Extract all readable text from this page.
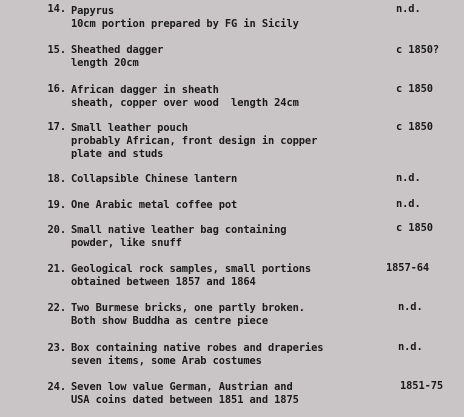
14. Papyrus
10cm portion prepared by FG in Sicily
n.d.
15. Sheathed dagger
length 20cm
c 1850?
16. African dagger in sheath
sheath, copper over wood  length 24cm
c 1850
17. Small leather pouch
probably African, front design in copper
plate and studs
c 1850
18. Collapsible Chinese lantern	n.d.
19. One Arabic metal coffee pot	n.d.
20. Small native leather bag containing
powder, like snuff
c 1850
21. Geological rock samples, small portions
obtained between 1857 and 1864
1857-64
22. Two Burmese bricks, one partly broken.
Both show Buddha as centre piece
n.d.
23. Box containing native robes and draperies
seven items, some Arab costumes
n.d.
24. Seven low value German, Austrian and
USA coins dated between 1851 and 1875
1851-75
